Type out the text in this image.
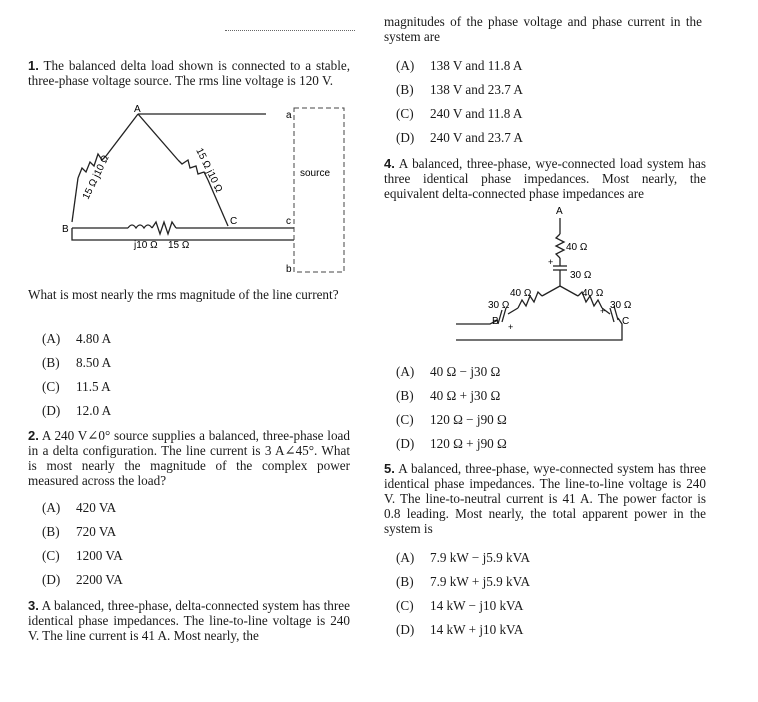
1. The balanced delta load shown is connected to a stable, three-phase voltage source. The rms line voltage is 120 V.

A
B
C
a
c
b
source
15 Ω j10 Ω	15 Ω j10 Ω
j10 Ω 15 Ω

What is most nearly the rms magnitude of the line current?

(A) 4.80 A
(B) 8.50 A
(C) 11.5 A
(D) 12.0 A

2. A 240 V∠0° source supplies a balanced, three-phase load in a delta configuration. The line current is 3 A∠45°. What is most nearly the magnitude of the complex power measured across the load?

(A) 420 VA
(B) 720 VA
(C) 1200 VA
(D) 2200 VA

3. A balanced, three-phase, delta-connected system has three identical phase impedances. The line-to-line voltage is 240 V. The line current is 41 A. Most nearly, the

magnitudes of the phase voltage and phase current in the system are

(A) 138 V and 11.8 A
(B) 138 V and 23.7 A
(C) 240 V and 11.8 A
(D) 240 V and 23.7 A

4. A balanced, three-phase, wye-connected load system has three identical phase impedances. Most nearly, the equivalent delta-connected phase impedances are

A
40 Ω
+
30 Ω
40 Ω
30 Ω
B +
40 Ω
30 Ω
C
+
(A) 40 Ω − j30 Ω
(B) 40 Ω + j30 Ω
(C) 120 Ω − j90 Ω
(D) 120 Ω + j90 Ω

5. A balanced, three-phase, wye-connected system has three identical phase impedances. The line-to-line voltage is 240 V. The line-to-neutral current is 41 A. The power factor is 0.8 leading. Most nearly, the total apparent power in the system is

(A) 7.9 kW − j5.9 kVA
(B) 7.9 kW + j5.9 kVA
(C) 14 kW − j10 kVA
(D) 14 kW + j10 kVA
